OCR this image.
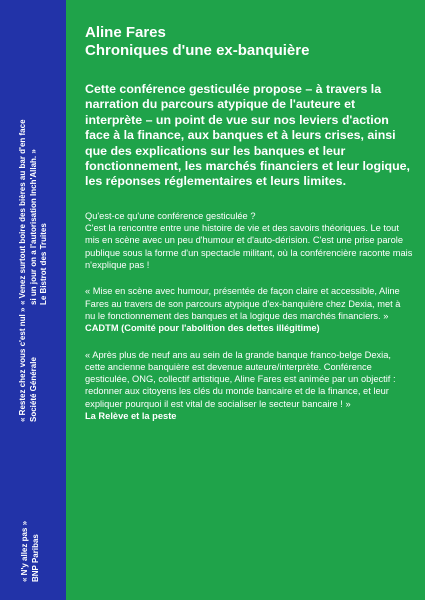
« Venez surtout boire des bières au bar d'en face si un jour on a l'autorisation Inch'Allah. » Le Bistrot des Truites
« Restez chez vous c'est nul » Société Générale
« N'y allez pas » BNP Paribas
Aline Fares
Chroniques d'une ex-banquière

Cette conférence gesticulée propose – à travers la narration du parcours atypique de l'auteure et interprète – un point de vue sur nos leviers d'action face à la finance, aux banques et à leurs crises, ainsi que des explications sur les banques et leur fonctionnement, les marchés financiers et leur logique, les réponses réglementaires et leurs limites.

Qu'est-ce qu'une conférence gesticulée ?

C'est la rencontre entre une histoire de vie et des savoirs théoriques. Le tout mis en scène avec un peu d'humour et d'auto-dérision. C'est une prise parole publique sous la forme d'un spectacle militant, où la conférencière raconte mais n'explique pas !

« Mise en scène avec humour, présentée de façon claire et accessible, Aline Fares au travers de son parcours atypique d'ex-banquière chez Dexia, met à nu le fonctionnement des banques et la logique des marchés financiers. »

CADTM (Comité pour l'abolition des dettes illégitime)

« Après plus de neuf ans au sein de la grande banque franco-belge Dexia, cette ancienne banquière est devenue auteure/interprète. Conférence gesticulée, ONG, collectif artistique, Aline Fares est animée par un objectif : redonner aux citoyens les clés du monde bancaire et de la finance, et leur expliquer pourquoi il est vital de socialiser le secteur bancaire ! »

La Relève et la peste
